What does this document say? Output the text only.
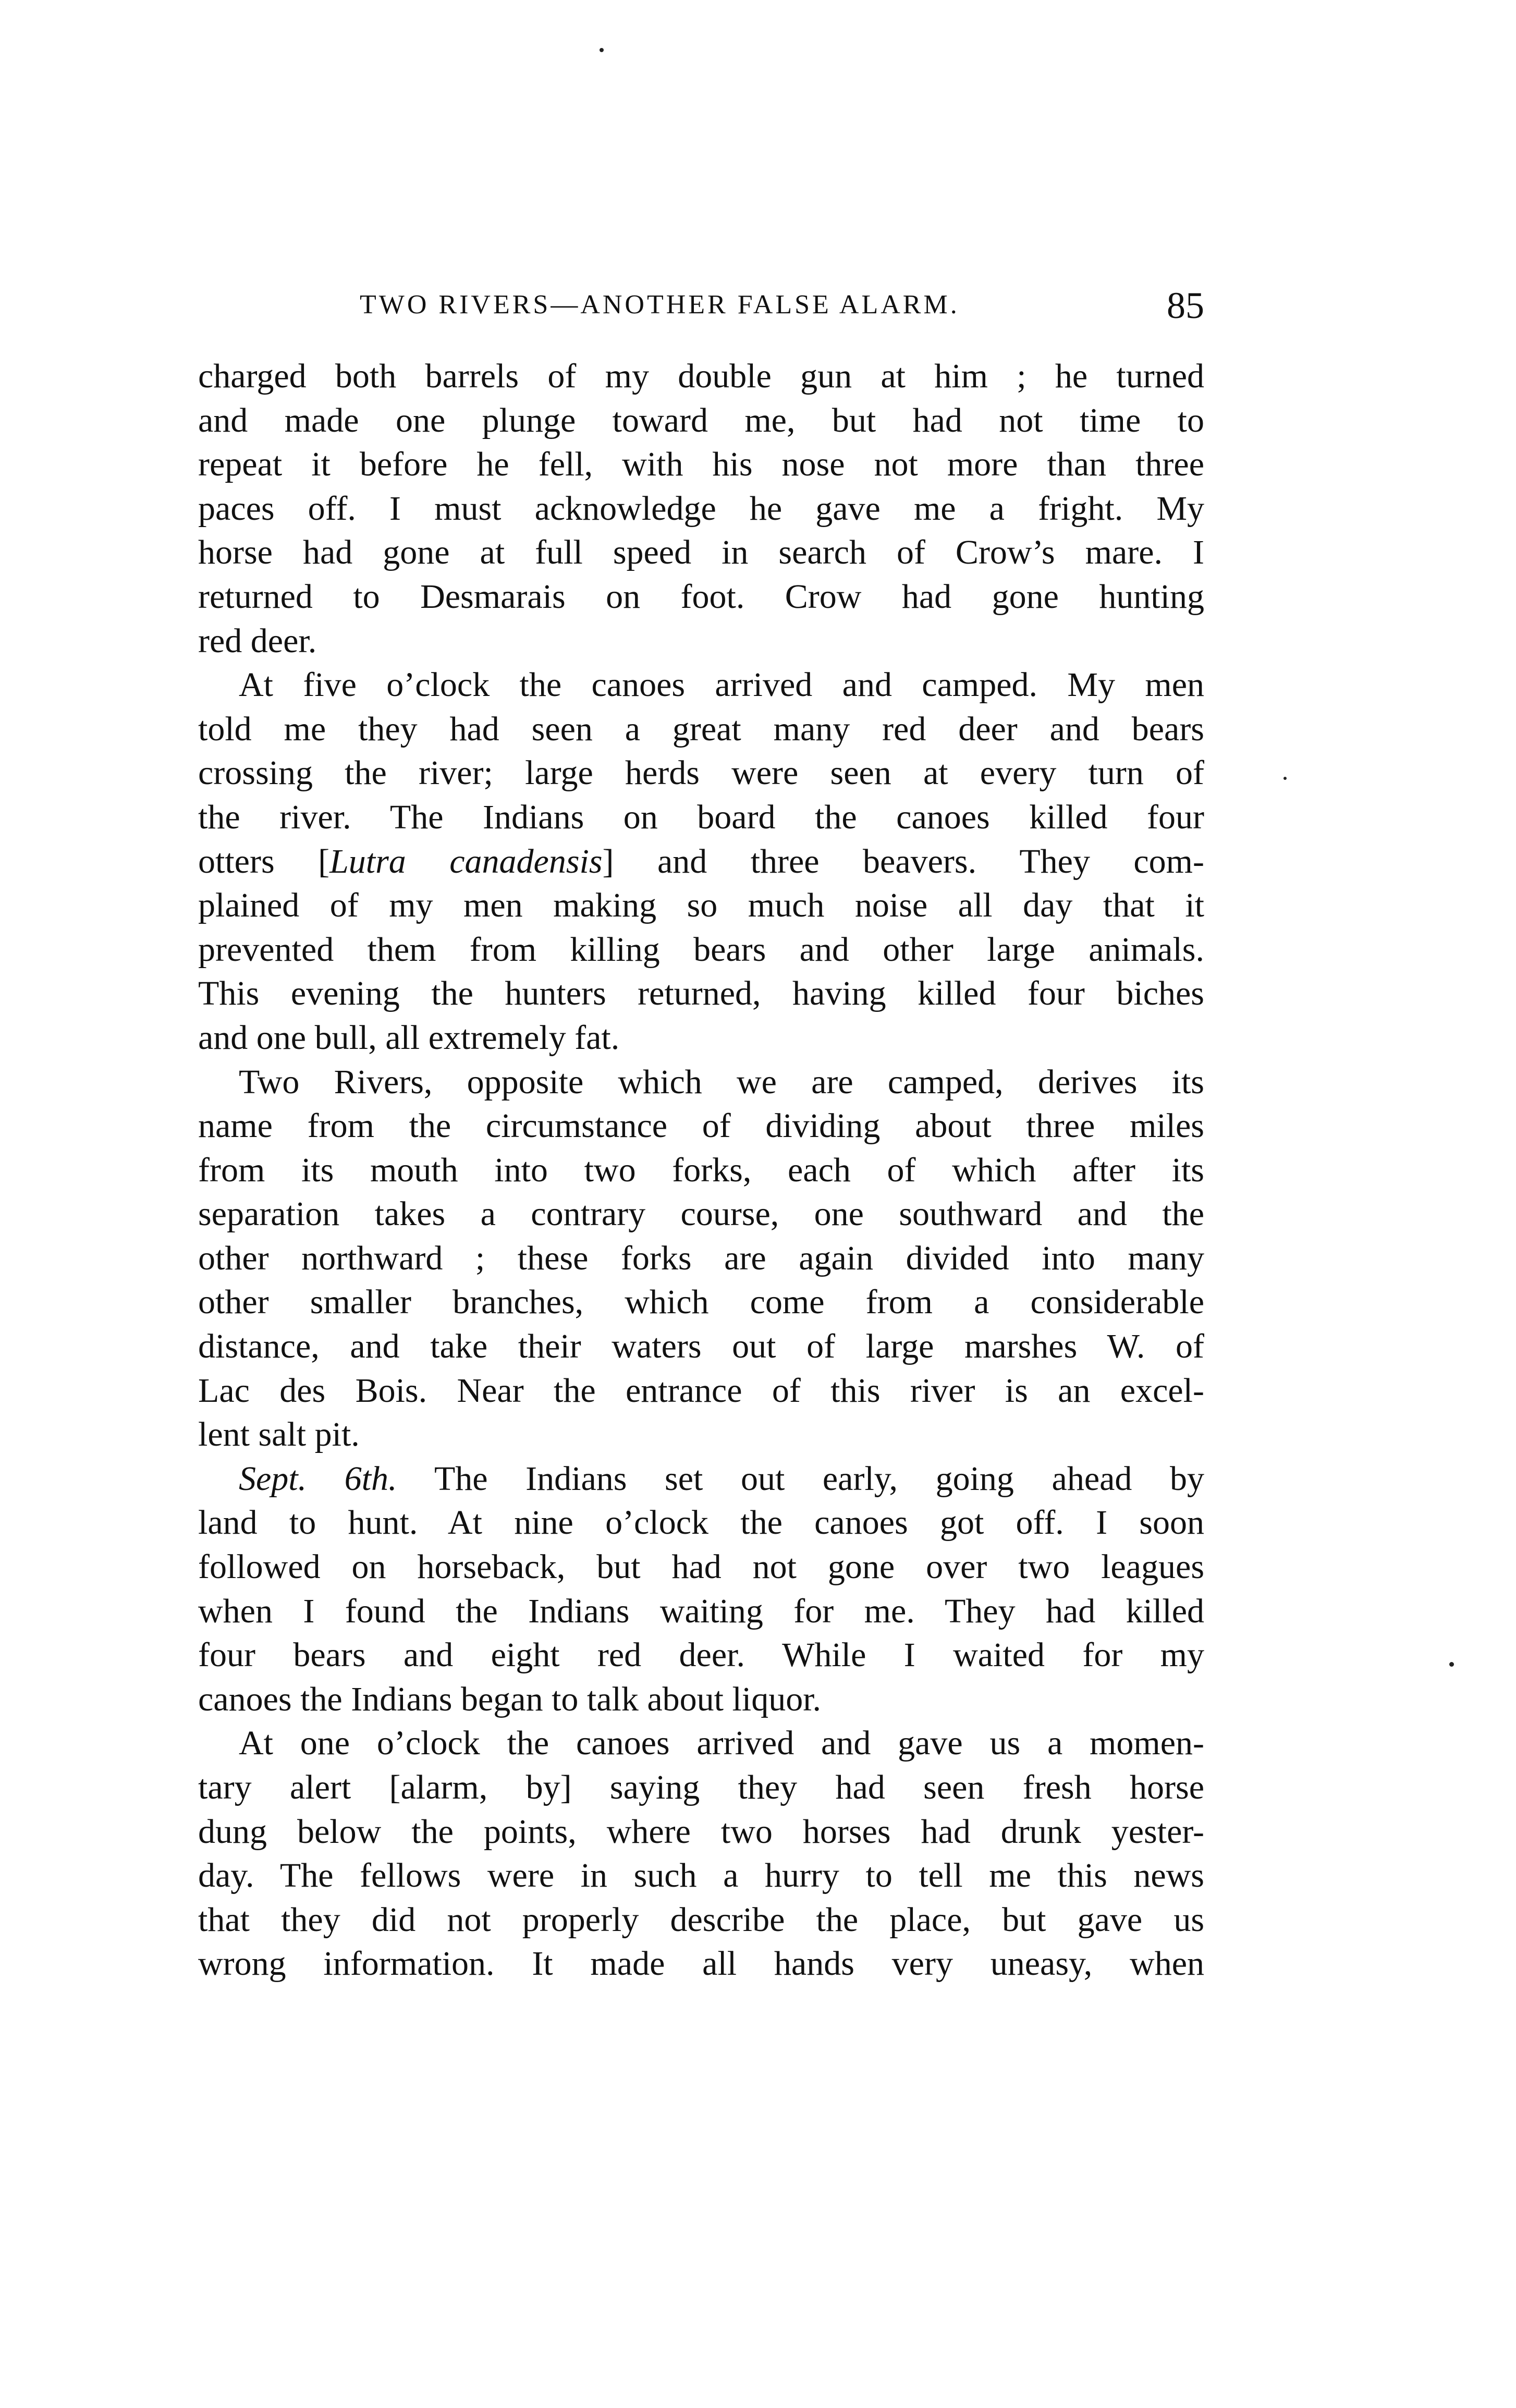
TWO RIVERS—ANOTHER FALSE ALARM.	85
charged both barrels of my double gun at him ; he turned
and made one plunge toward me, but had not time to
repeat it before he fell, with his nose not more than three
paces off. I must acknowledge he gave me a fright. My
horse had gone at full speed in search of Crow’s mare. I
returned to Desmarais on foot. Crow had gone hunting
red deer.
At five o’clock the canoes arrived and camped. My men
told me they had seen a great many red deer and bears
crossing the river; large herds were seen at every turn of
the river. The Indians on board the canoes killed four
otters [Lutra canadensis] and three beavers. They com-
plained of my men making so much noise all day that it
prevented them from killing bears and other large animals.
This evening the hunters returned, having killed four biches
and one bull, all extremely fat.
Two Rivers, opposite which we are camped, derives its
name from the circumstance of dividing about three miles
from its mouth into two forks, each of which after its
separation takes a contrary course, one southward and the
other northward ; these forks are again divided into many
other smaller branches, which come from a considerable
distance, and take their waters out of large marshes W. of
Lac des Bois. Near the entrance of this river is an excel-
lent salt pit.
Sept. 6th. The Indians set out early, going ahead by
land to hunt. At nine o’clock the canoes got off. I soon
followed on horseback, but had not gone over two leagues
when I found the Indians waiting for me. They had killed
four bears and eight red deer. While I waited for my
canoes the Indians began to talk about liquor.
At one o’clock the canoes arrived and gave us a momen-
tary alert [alarm, by] saying they had seen fresh horse
dung below the points, where two horses had drunk yester-
day. The fellows were in such a hurry to tell me this news
that they did not properly describe the place, but gave us
wrong information. It made all hands very uneasy, when
